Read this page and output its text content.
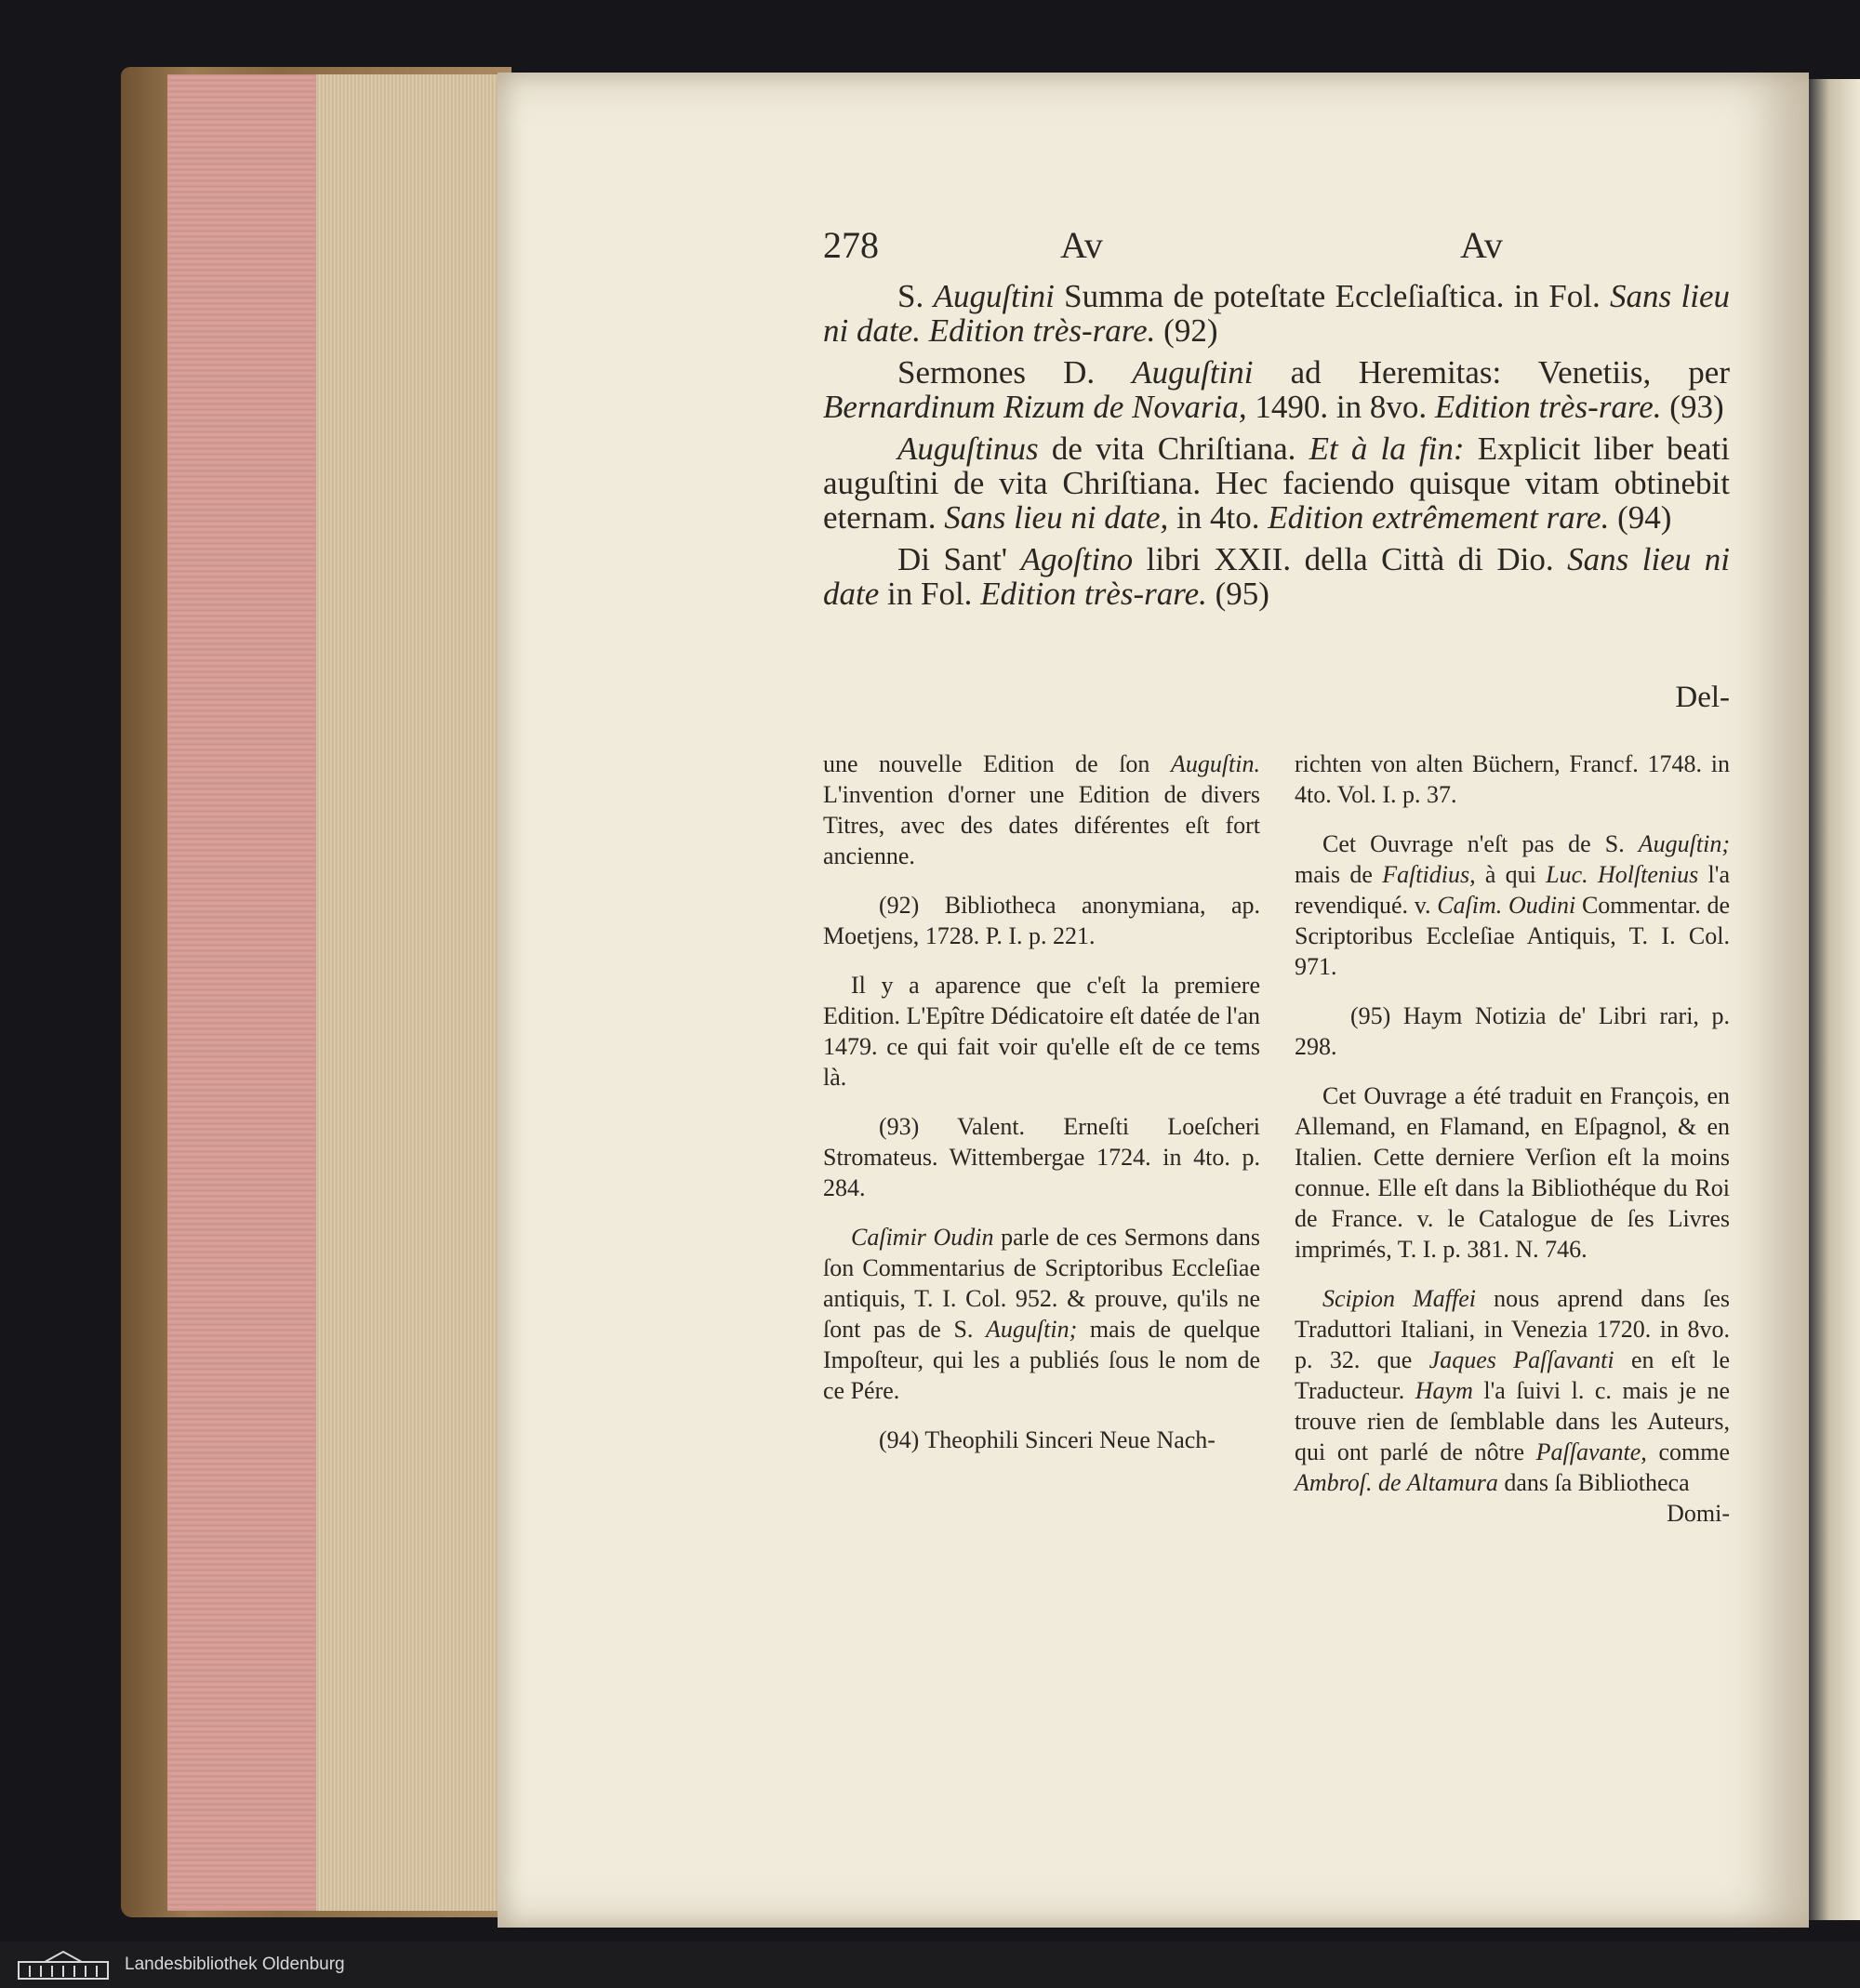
278	Av	Av

S. Auguſtini Summa de poteſtate Eccleſiaſtica. in Fol. Sans lieu ni date. Edition très-rare. (92)

Sermones D. Auguſtini ad Heremitas: Venetiis, per Bernardinum Rizum de Novaria, 1490. in 8vo. Edition très-rare. (93)

Auguſtinus de vita Chriſtiana. Et à la fin: Explicit liber beati auguſtini de vita Chriſtiana. Hec faciendo quisque vitam obtinebit eternam. Sans lieu ni date, in 4to. Edition extrêmement rare. (94)

Di Sant' Agoſtino libri XXII. della Città di Dio. Sans lieu ni date in Fol. Edition très-rare. (95)

Del-

une nouvelle Edition de ſon Auguſtin. L'invention d'orner une Edition de divers Titres, avec des dates diférentes eſt fort ancienne.

(92) Bibliotheca anonymiana, ap. Moetjens, 1728. P. I. p. 221.

Il y a aparence que c'eſt la premiere Edition. L'Epître Dédicatoire eſt datée de l'an 1479. ce qui fait voir qu'elle eſt de ce tems là.

(93) Valent. Erneſti Loeſcheri Stromateus. Wittembergae 1724. in 4to. p. 284.

Caſimir Oudin parle de ces Sermons dans ſon Commentarius de Scriptoribus Eccleſiae antiquis, T. I. Col. 952. & prouve, qu'ils ne ſont pas de S. Auguſtin; mais de quelque Impoſteur, qui les a publiés ſous le nom de ce Pére.

(94) Theophili Sinceri Neue Nach-

richten von alten Büchern, Francf. 1748. in 4to. Vol. I. p. 37.

Cet Ouvrage n'eſt pas de S. Auguſtin; mais de Faſtidius, à qui Luc. Holſtenius l'a revendiqué. v. Caſim. Oudini Commentar. de Scriptoribus Eccleſiae Antiquis, T. I. Col. 971.

(95) Haym Notizia de' Libri rari, p. 298.

Cet Ouvrage a été traduit en François, en Allemand, en Flamand, en Eſpagnol, & en Italien. Cette derniere Verſion eſt la moins connue. Elle eſt dans la Bibliothéque du Roi de France. v. le Catalogue de ſes Livres imprimés, T. I. p. 381. N. 746.

Scipion Maffei nous aprend dans ſes Traduttori Italiani, in Venezia 1720. in 8vo. p. 32. que Jaques Paſſavanti en eſt le Traducteur. Haym l'a ſuivi l. c. mais je ne trouve rien de ſemblable dans les Auteurs, qui ont parlé de nôtre Paſſavante, comme Ambroſ. de Altamura dans ſa Bibliotheca

Domi-

Landesbibliothek Oldenburg
